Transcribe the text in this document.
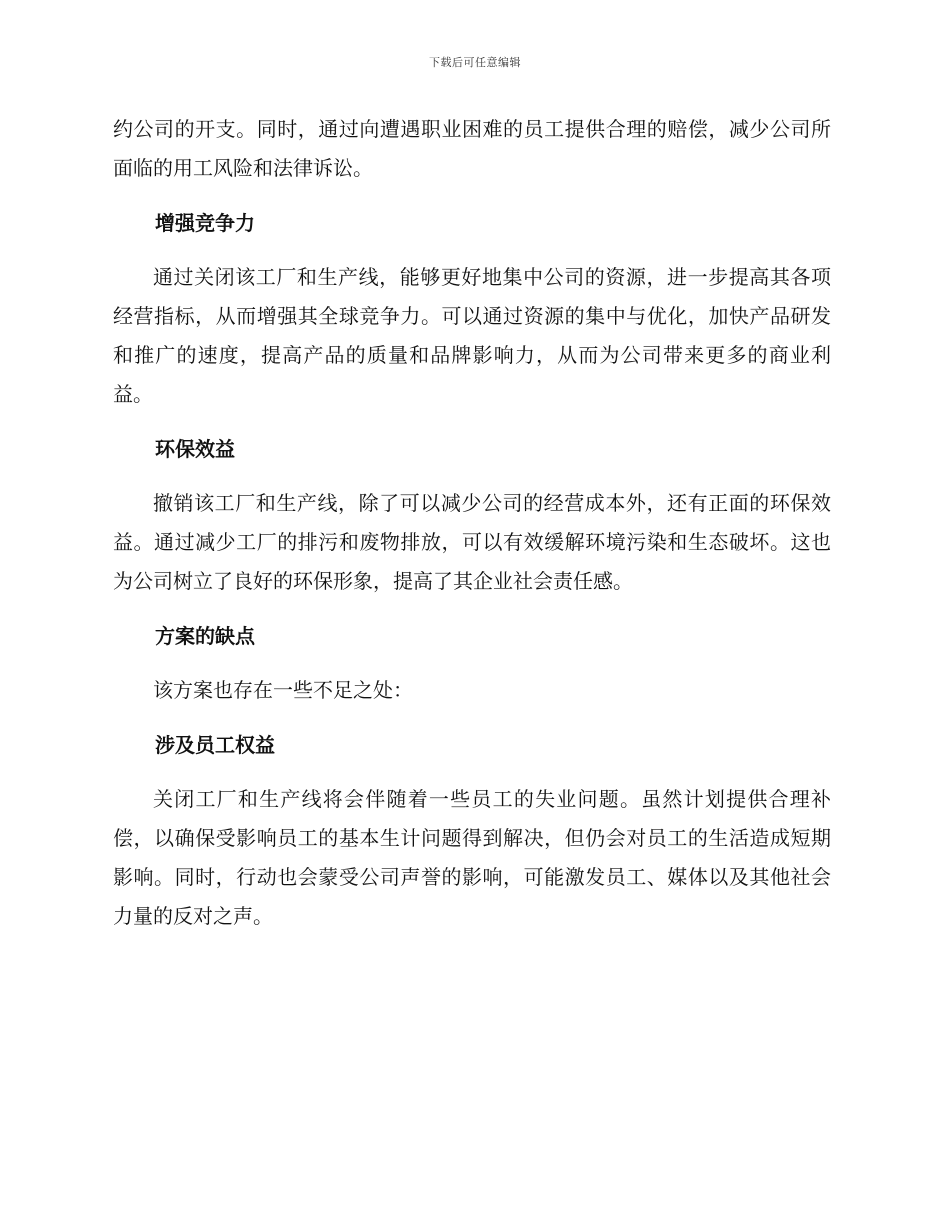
下载后可任意编辑

约公司的开支。同时，通过向遭遇职业困难的员工提供合理的赔偿，减少公司所面临的用工风险和法律诉讼。

增强竞争力

通过关闭该工厂和生产线，能够更好地集中公司的资源，进一步提高其各项经营指标，从而增强其全球竞争力。可以通过资源的集中与优化，加快产品研发和推广的速度，提高产品的质量和品牌影响力，从而为公司带来更多的商业利益。

环保效益

撤销该工厂和生产线，除了可以减少公司的经营成本外，还有正面的环保效益。通过减少工厂的排污和废物排放，可以有效缓解环境污染和生态破坏。这也为公司树立了良好的环保形象，提高了其企业社会责任感。

方案的缺点

该方案也存在一些不足之处：

涉及员工权益

关闭工厂和生产线将会伴随着一些员工的失业问题。虽然计划提供合理补偿，以确保受影响员工的基本生计问题得到解决，但仍会对员工的生活造成短期影响。同时，行动也会蒙受公司声誉的影响，可能激发员工、媒体以及其他社会力量的反对之声。
